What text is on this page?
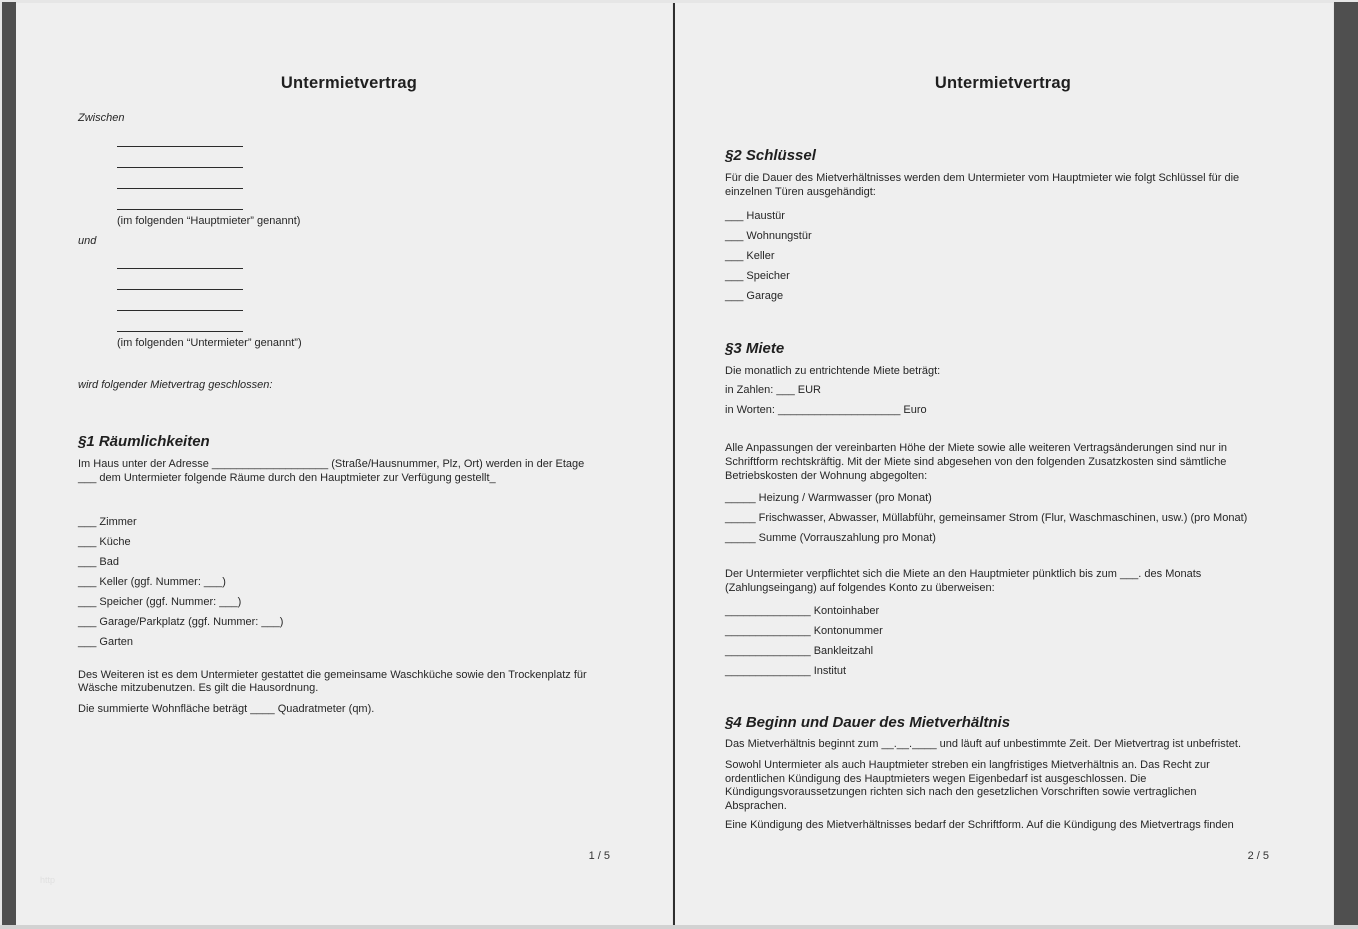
Untermietvertrag
Zwischen
(im folgenden “Hauptmieter” genannt)
und
(im folgenden “Untermieter” genannt”)
wird folgender Mietvertrag geschlossen:
§1 Räumlichkeiten
Im Haus unter der Adresse ___________________ (Straße/Hausnummer, Plz, Ort) werden in der Etage
___ dem Untermieter folgende Räume durch den Hauptmieter zur Verfügung gestellt_
___ Zimmer
___ Küche
___ Bad
___ Keller (ggf. Nummer: ___)
___ Speicher (ggf. Nummer: ___)
___ Garage/Parkplatz (ggf. Nummer: ___)
___ Garten
Des Weiteren ist es dem Untermieter gestattet die gemeinsame Waschküche sowie den Trockenplatz für Wäsche mitzubenutzen. Es gilt die Hausordnung.
Die summierte Wohnfläche beträgt ____ Quadratmeter (qm).
1 / 5
http
Untermietvertrag
§2 Schlüssel
Für die Dauer des Mietverhältnisses werden dem Untermieter vom Hauptmieter wie folgt Schlüssel für die einzelnen Türen ausgehändigt:
___ Haustür
___ Wohnungstür
___ Keller
___ Speicher
___ Garage
§3 Miete
Die monatlich zu entrichtende Miete beträgt:
in Zahlen: ___ EUR
in Worten: ____________________ Euro
Alle Anpassungen der vereinbarten Höhe der Miete sowie alle weiteren Vertragsänderungen sind nur in Schriftform rechtskräftig. Mit der Miete sind abgesehen von den folgenden Zusatzkosten sind sämtliche Betriebskosten der Wohnung abgegolten:
_____ Heizung / Warmwasser (pro Monat)
_____ Frischwasser, Abwasser, Müllabführ, gemeinsamer Strom (Flur, Waschmaschinen, usw.) (pro Monat)
_____ Summe (Vorrauszahlung pro Monat)
Der Untermieter verpflichtet sich die Miete an den Hauptmieter pünktlich bis zum ___. des Monats (Zahlungseingang) auf folgendes Konto zu überweisen:
______________ Kontoinhaber
______________ Kontonummer
______________ Bankleitzahl
______________ Institut
§4 Beginn und Dauer des Mietverhältnis
Das Mietverhältnis beginnt zum __.__.____ und läuft auf unbestimmte Zeit. Der Mietvertrag ist unbefristet.
Sowohl Untermieter als auch Hauptmieter streben ein langfristiges Mietverhältnis an. Das Recht zur ordentlichen Kündigung des Hauptmieters wegen Eigenbedarf ist ausgeschlossen. Die Kündigungsvoraussetzungen richten sich nach den gesetzlichen Vorschriften sowie vertraglichen Absprachen.
Eine Kündigung des Mietverhältnisses bedarf der Schriftform. Auf die Kündigung des Mietvertrags finden
2 / 5
